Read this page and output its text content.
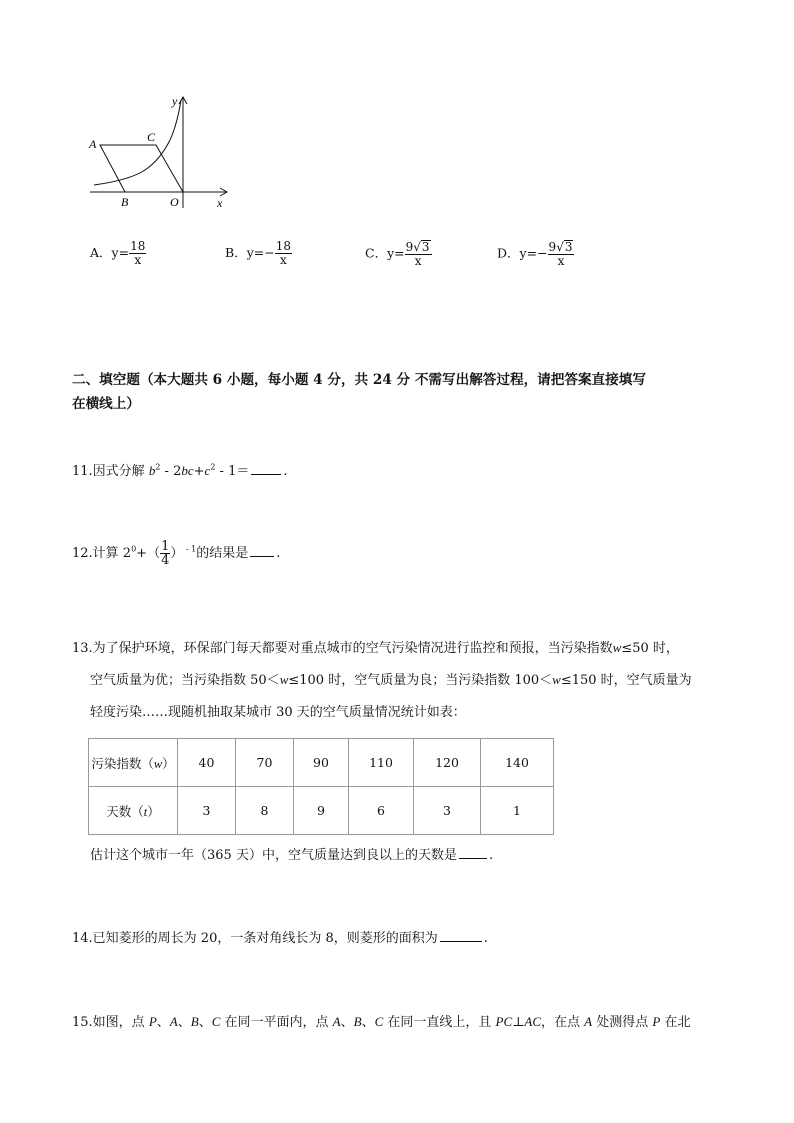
y
A	C
B	O	x
A．$y= \frac{18}{x}$	B．$y=- \frac{18}{x}$	C．$y= \frac{9√3}{x}$	D．$y=- \frac{9√3}{x}$
二、填空题（本大题共 6 小题，每小题 4 分，共 24 分 不需写出解答过程，请把答案直接填写
在横线上）
11.因式分解 $b^2 - 2bc+c^2 - 1=$	.
12.计算 $2^0+( \frac{1}{4}$ ） $^{- 1}$的结果是 .
13.为了保护环境，环保部门每天都要对重点城市的空气污染情况进行监控和预报，当污染指数w≤50 时，
空气质量为优；当污染指数 50＜w≤100 时，空气质量为良；当污染指数 100＜w≤150 时，空气质量为
轻度污染……现随机抽取某城市 30 天的空气质量情况统计如表：
污染指数（w）	40	70	90	110	120	140
天数（t）	3	8	9	6	3	1
估计这个城市一年（365 天）中，空气质量达到良以上的天数是 .
14.已知菱形的周长为 20，一条对角线长为 8，则菱形的面积为	.
15.如图，点 P、A、B、C 在同一平面内，点 A、B、C 在同一直线上，且 PC⊥AC，在点 A 处测得点 P 在北
